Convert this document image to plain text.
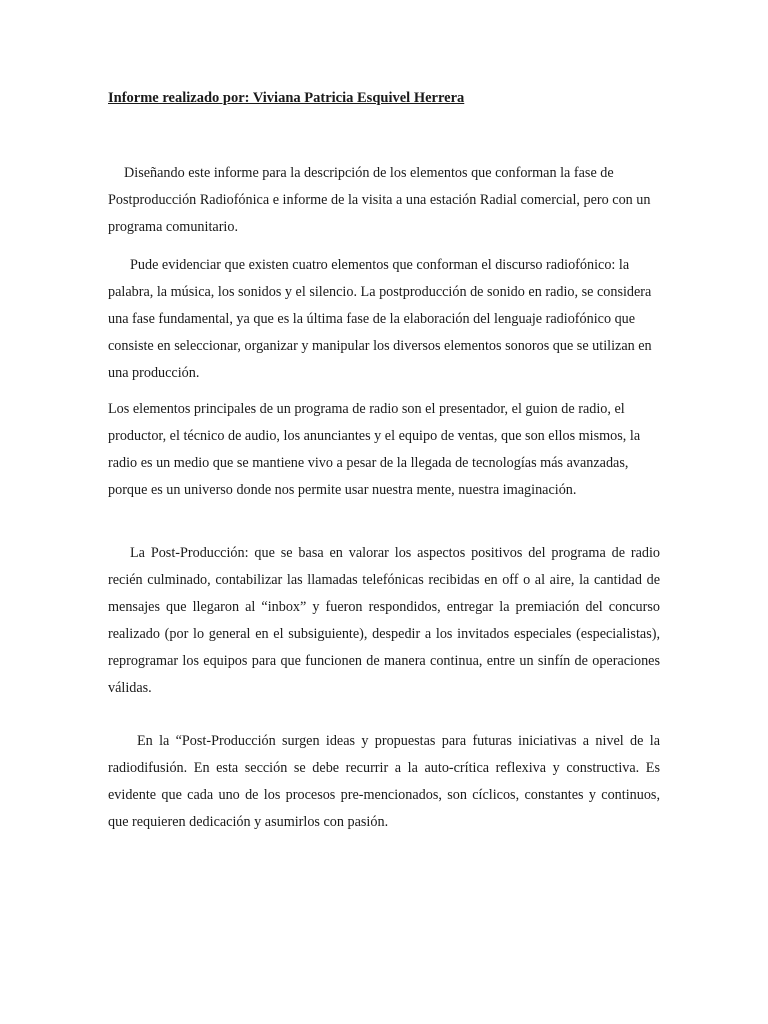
Informe realizado por: Viviana Patricia Esquivel Herrera

Diseñando este informe para la descripción de los elementos que conforman la fase de Postproducción Radiofónica e informe de la visita a una estación Radial comercial, pero con un programa comunitario.

Pude evidenciar que existen cuatro elementos que conforman el discurso radiofónico: la palabra, la música, los sonidos y el silencio. La postproducción de sonido en radio, se considera una fase fundamental, ya que es la última fase de la elaboración del lenguaje radiofónico que consiste en seleccionar, organizar y manipular los diversos elementos sonoros que se utilizan en una producción.

Los elementos principales de un programa de radio son el presentador, el guion de radio, el productor, el técnico de audio, los anunciantes y el equipo de ventas, que son ellos mismos, la radio es un medio que se mantiene vivo a pesar de la llegada de tecnologías más avanzadas, porque es un universo donde nos permite usar nuestra mente, nuestra imaginación.

La Post-Producción: que se basa en valorar los aspectos positivos del programa de radio recién culminado, contabilizar las llamadas telefónicas recibidas en off o al aire, la cantidad de mensajes que llegaron al “inbox” y fueron respondidos, entregar la premiación del concurso realizado (por lo general en el subsiguiente), despedir a los invitados especiales (especialistas), reprogramar los equipos para que funcionen de manera continua, entre un sinfín de operaciones válidas.

En la “Post-Producción surgen ideas y propuestas para futuras iniciativas a nivel de la radiodifusión. En esta sección se debe recurrir a la auto-crítica reflexiva y constructiva. Es evidente que cada uno de los procesos pre-mencionados, son cíclicos, constantes y continuos, que requieren dedicación y asumirlos con pasión.
